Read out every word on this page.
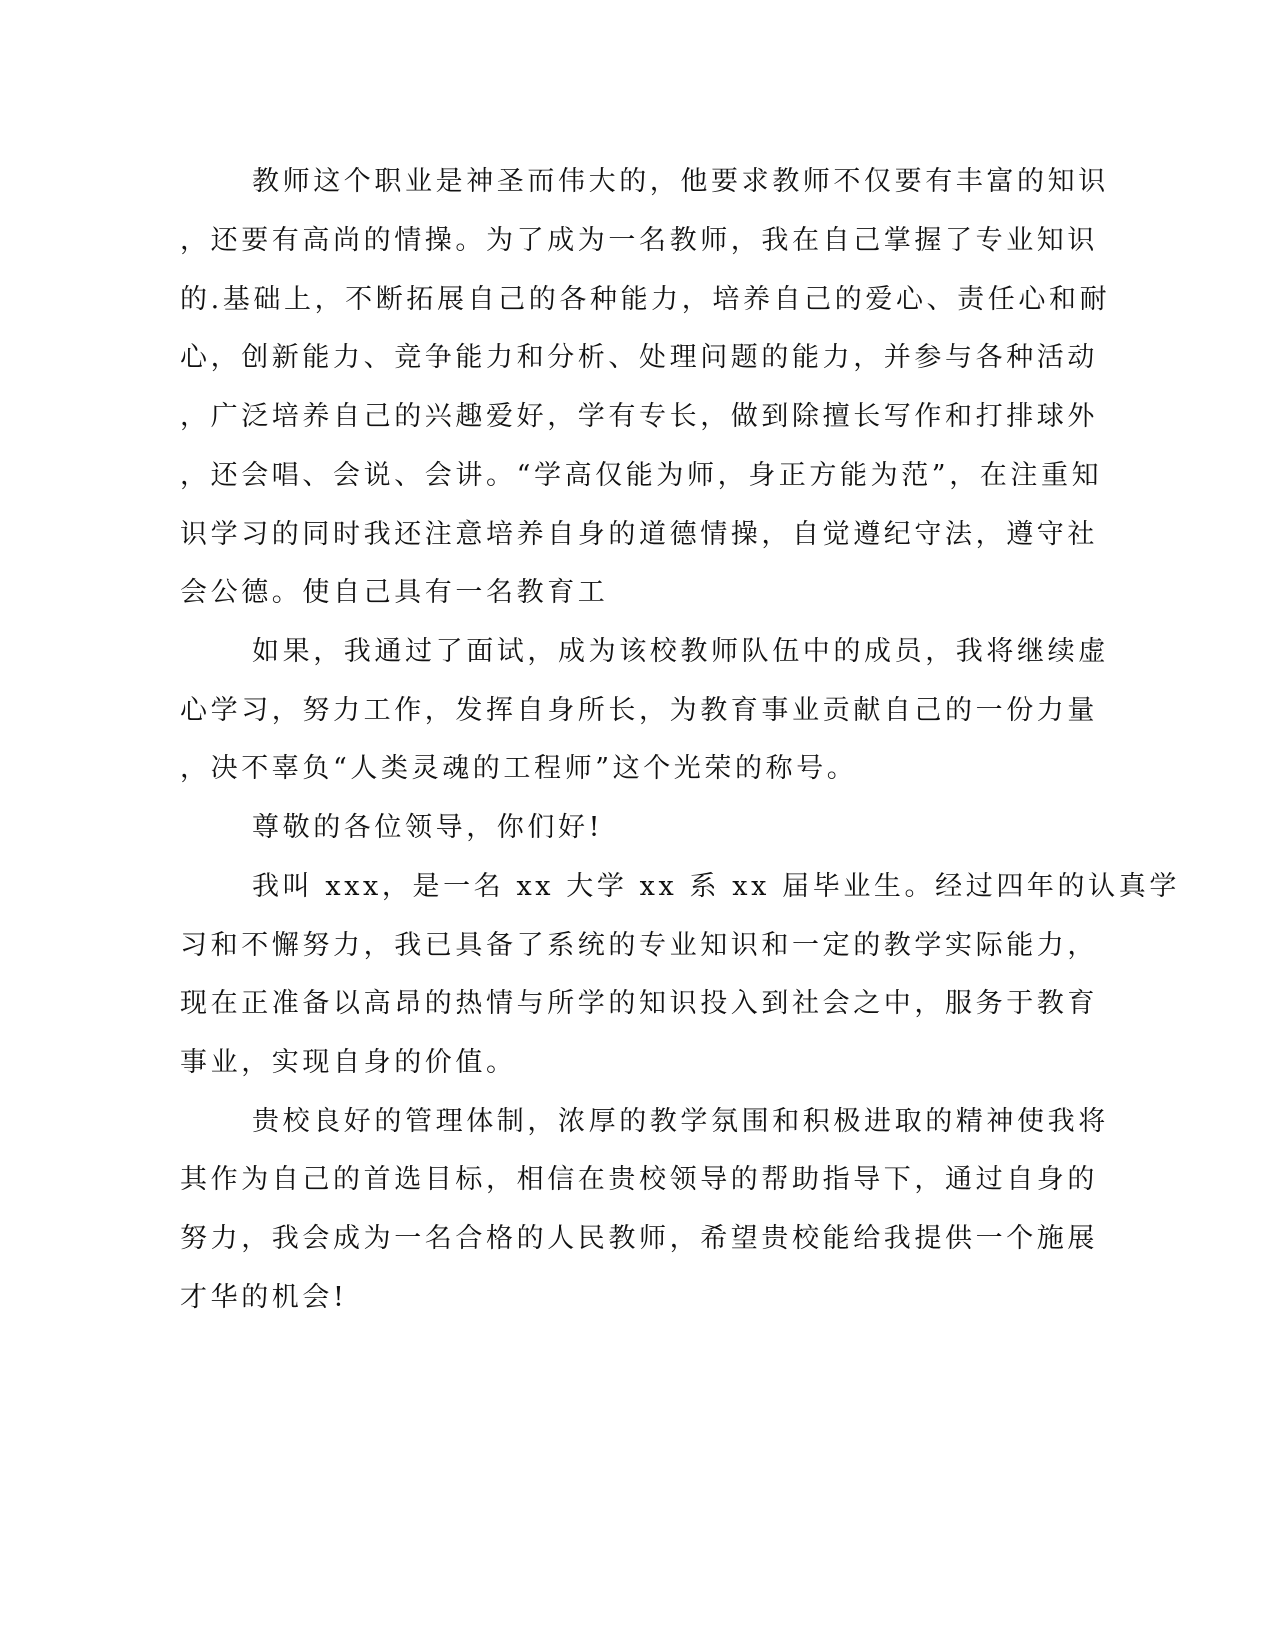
教师这个职业是神圣而伟大的，他要求教师不仅要有丰富的知识

，还要有高尚的情操。为了成为一名教师，我在自己掌握了专业知识

的.基础上，不断拓展自己的各种能力，培养自己的爱心、责任心和耐

心，创新能力、竞争能力和分析、处理问题的能力，并参与各种活动

，广泛培养自己的兴趣爱好，学有专长，做到除擅长写作和打排球外

，还会唱、会说、会讲。“学高仅能为师，身正方能为范”，在注重知

识学习的同时我还注意培养自身的道德情操，自觉遵纪守法，遵守社

会公德。使自己具有一名教育工

如果，我通过了面试，成为该校教师队伍中的成员，我将继续虚

心学习，努力工作，发挥自身所长，为教育事业贡献自己的一份力量

，决不辜负“人类灵魂的工程师”这个光荣的称号。

尊敬的各位领导，你们好!

我叫 xxx，是一名 xx 大学 xx 系 xx 届毕业生。经过四年的认真学

习和不懈努力，我已具备了系统的专业知识和一定的教学实际能力，

现在正准备以高昂的热情与所学的知识投入到社会之中，服务于教育

事业，实现自身的价值。

贵校良好的管理体制，浓厚的教学氛围和积极进取的精神使我将

其作为自己的首选目标，相信在贵校领导的帮助指导下，通过自身的

努力，我会成为一名合格的人民教师，希望贵校能给我提供一个施展

才华的机会!
